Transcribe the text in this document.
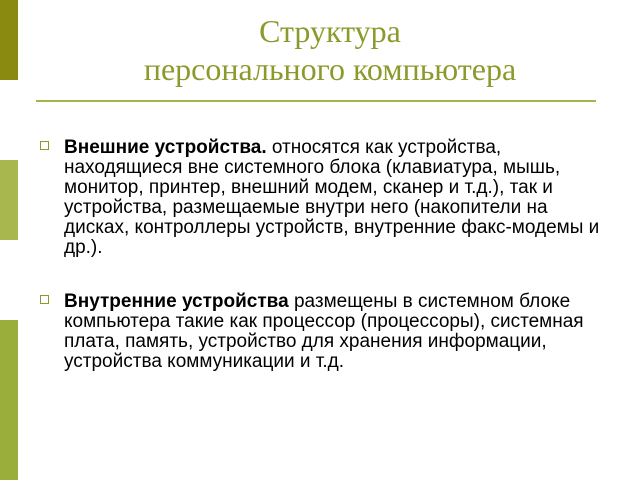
Структура
персонального компьютера

Внешние устройства. относятся как устройства, находящиеся вне системного блока (клавиатура, мышь, монитор, принтер, внешний модем, сканер и т.д.), так и устройства, размещаемые внутри него (накопители на дисках, контроллеры устройств, внутренние факс-модемы и др.).

Внутренние устройства размещены в системном блоке компьютера такие как процессор (процессоры), системная плата, память, устройство для хранения информации, устройства коммуникации и т.д.
